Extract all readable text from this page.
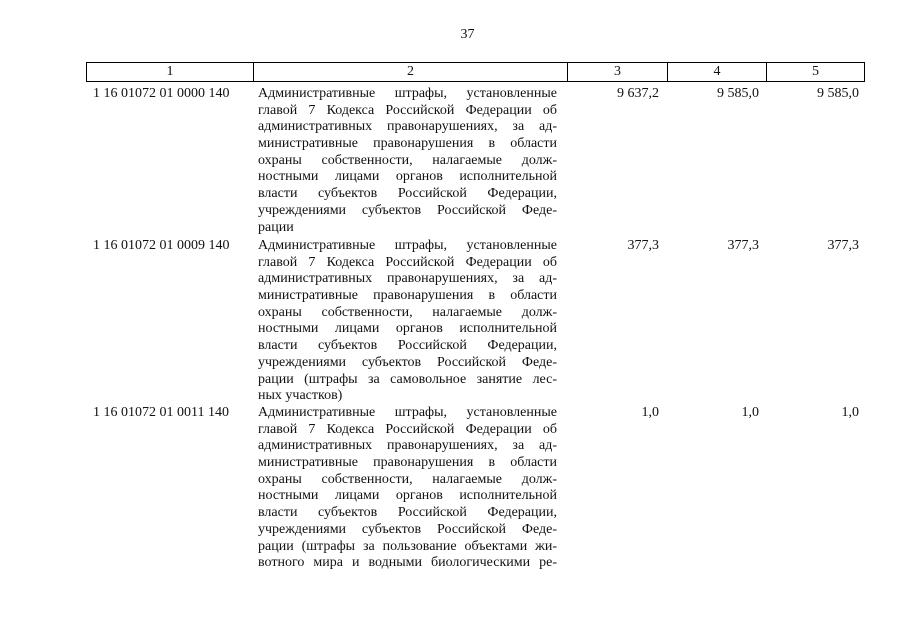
37
1	2	3	4	5
1 16 01072 01 0000 140 Административные штрафы, установленные
главой 7 Кодекса Российской Федерации об
административных правонарушениях, за ад-
министративные правонарушения в области
охраны собственности, налагаемые долж-
ностными лицами органов исполнительной
власти субъектов Российской Федерации,
учреждениями субъектов Российской Феде-
рации
9 637,2	9 585,0	9 585,0
1 16 01072 01 0009 140 Административные штрафы, установленные
главой 7 Кодекса Российской Федерации об
административных правонарушениях, за ад-
министративные правонарушения в области
охраны собственности, налагаемые долж-
ностными лицами органов исполнительной
власти субъектов Российской Федерации,
учреждениями субъектов Российской Феде-
рации (штрафы за самовольное занятие лес-
ных участков)
377,3	377,3	377,3
1 16 01072 01 0011 140 Административные штрафы, установленные
главой 7 Кодекса Российской Федерации об
административных правонарушениях, за ад-
министративные правонарушения в области
охраны собственности, налагаемые долж-
ностными лицами органов исполнительной
власти субъектов Российской Федерации,
учреждениями субъектов Российской Феде-
рации (штрафы за пользование объектами жи-
вотного мира и водными биологическими ре-
1,0	1,0	1,0
